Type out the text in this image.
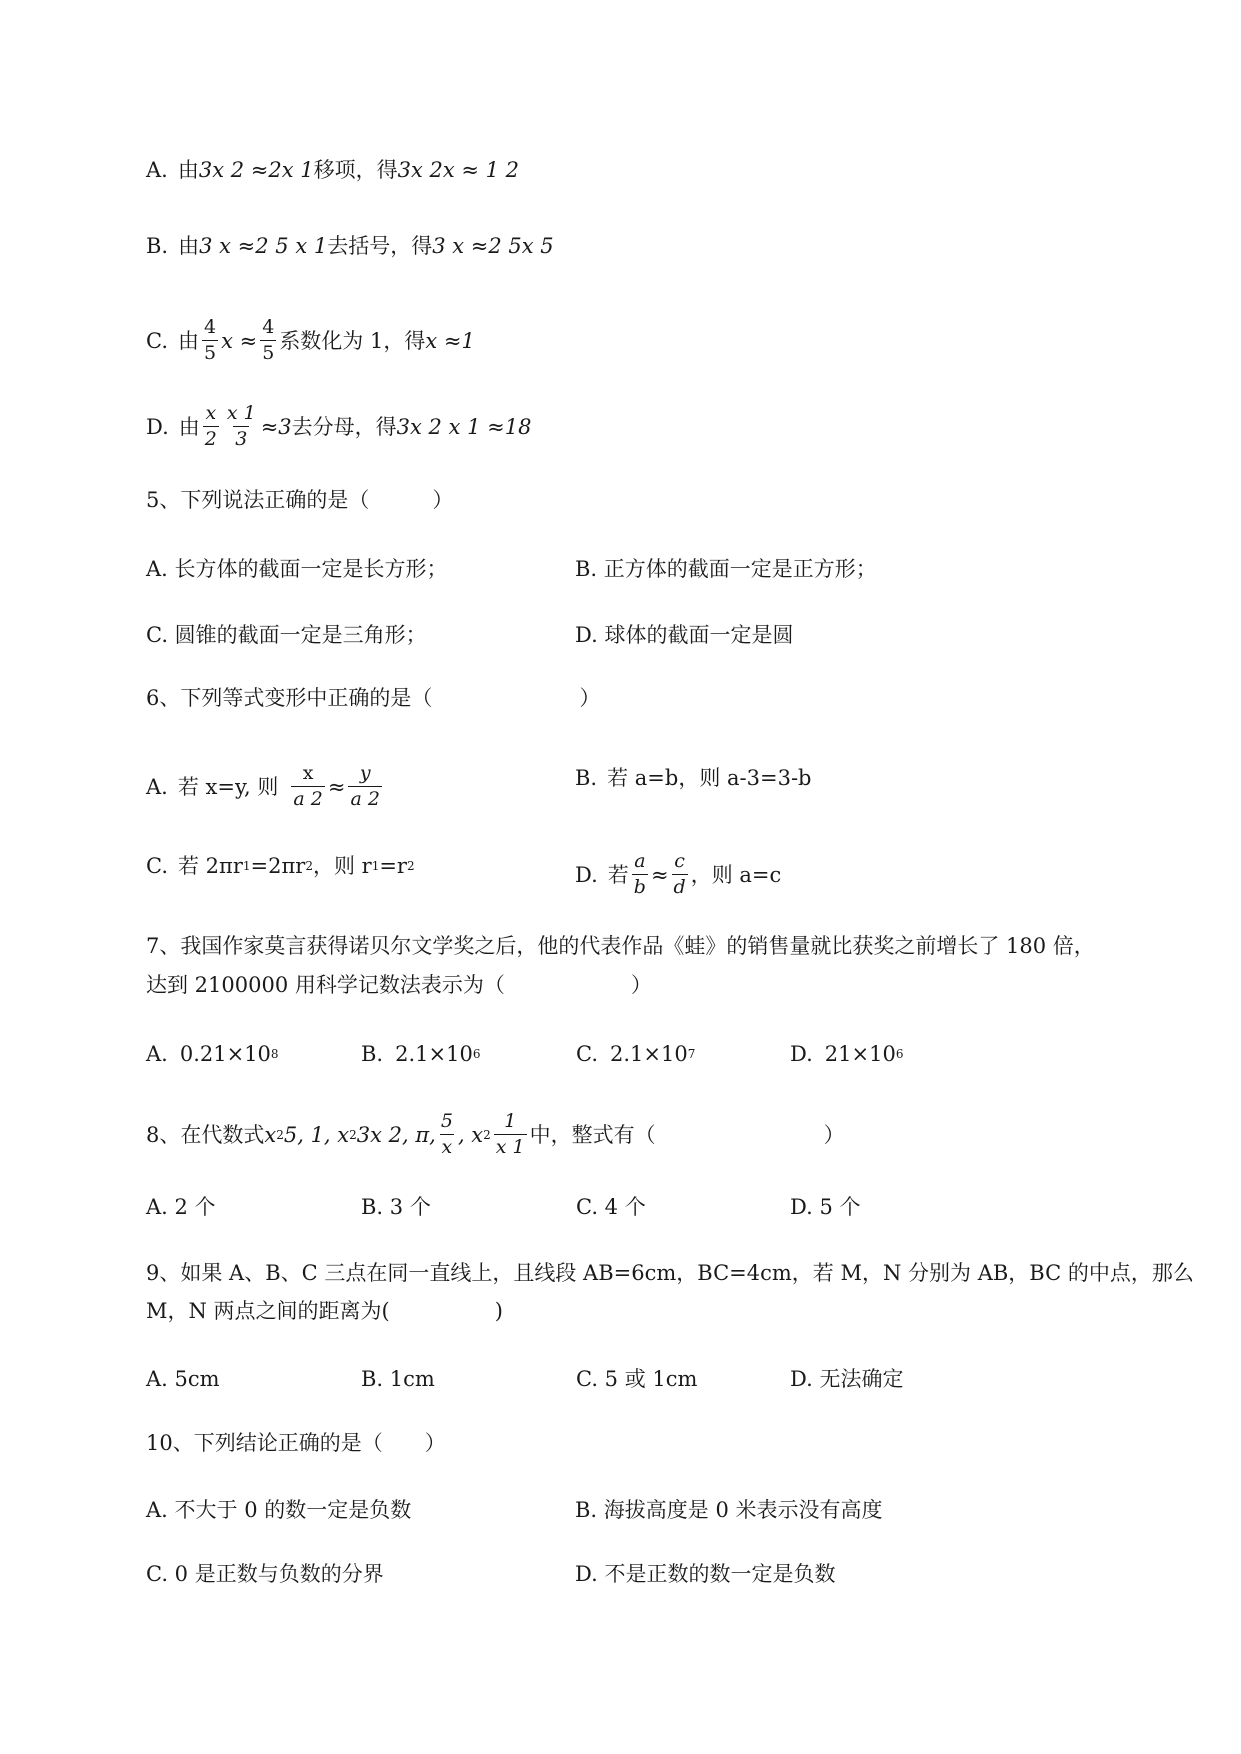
A. 由 3x 2 ≈2x 1 移项，得 3x 2x ≈ 1 2
B. 由 3 x ≈2 5 x 1 去括号，得 3 x ≈2 5x 5
C. 由 $\frac{4}{5}$ $x \approx \frac{4}{5}$ 系数化为 1，得 x ≈1
D. 由 $\frac{x}{2} \frac{x 1}{3} \approx 3$ 去分母，得 3x 2 x 1 ≈18
5、下列说法正确的是（　　　）
A. 长方体的截面一定是长方形；	B. 正方体的截面一定是正方形；
C. 圆锥的截面一定是三角形；	D. 球体的截面一定是圆
6、下列等式变形中正确的是（　　　　　　　）
A. 若 x=y, 则 $\frac{x}{a 2} \approx \frac{y}{a 2}$	B. 若 a=b，则 a-3=3-b
C. 若 2πr 1 =2πr 2 ，则 r 1 =r 2	D. 若 $\frac{a}{b} \approx \frac{c}{d}$ ，则 a=c
7、我国作家莫言获得诺贝尔文学奖之后，他的代表作品《蛙》的销售量就比获奖之前增长了 180 倍，
达到 2100000 用科学记数法表示为（　　　　　　）
A. 0.21×10 8	B. 2.1×10 6	C. 2.1×10 7	D. 21×10 6
8、在代数式 x 2 5, 1, x 2 3x 2, π, $\frac{5}{x}$ , x $2 \frac{1}{x 1}$ 中，整式有（　　　　　　　　）
A. 2 个	B. 3 个	C. 4 个	D. 5 个
9、如果 A、B、C 三点在同一直线上，且线段 AB=6cm，BC=4cm，若 M，N 分别为 AB，BC 的中点，那么
M，N 两点之间的距离为(　　　　　)
A. 5cm	B. 1cm	C. 5 或 1cm	D. 无法确定
10、下列结论正确的是（　　）
A. 不大于 0 的数一定是负数	B. 海拔高度是 0 米表示没有高度
C. 0 是正数与负数的分界	D. 不是正数的数一定是负数
